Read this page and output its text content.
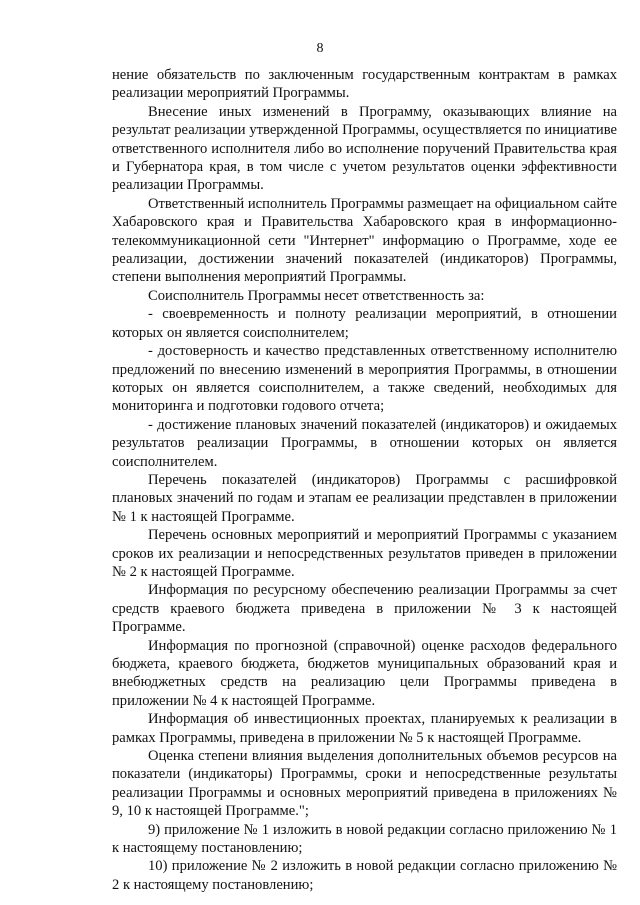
8

нение обязательств по заключенным государственным контрактам в рамках реализации мероприятий Программы.

Внесение иных изменений в Программу, оказывающих влияние на результат реализации утвержденной Программы, осуществляется по инициативе ответственного исполнителя либо во исполнение поручений Правительства края и Губернатора края, в том числе с учетом результатов оценки эффективности реализации Программы.

Ответственный исполнитель Программы размещает на официальном сайте Хабаровского края и Правительства Хабаровского края в информационно-телекоммуникационной сети "Интернет" информацию о Программе, ходе ее реализации, достижении значений показателей (индикаторов) Программы, степени выполнения мероприятий Программы.

Соисполнитель Программы несет ответственность за:

- своевременность и полноту реализации мероприятий, в отношении которых он является соисполнителем;

- достоверность и качество представленных ответственному исполнителю предложений по внесению изменений в мероприятия Программы, в отношении которых он является соисполнителем, а также сведений, необходимых для мониторинга и подготовки годового отчета;

- достижение плановых значений показателей (индикаторов) и ожидаемых результатов реализации Программы, в отношении которых он является соисполнителем.

Перечень показателей (индикаторов) Программы с расшифровкой плановых значений по годам и этапам ее реализации представлен в приложении № 1 к настоящей Программе.

Перечень основных мероприятий и мероприятий Программы с указанием сроков их реализации и непосредственных результатов приведен в приложении № 2 к настоящей Программе.

Информация по ресурсному обеспечению реализации Программы за счет средств краевого бюджета приведена в приложении № 3 к настоящей Программе.

Информация по прогнозной (справочной) оценке расходов федерального бюджета, краевого бюджета, бюджетов муниципальных образований края и внебюджетных средств на реализацию цели Программы приведена в приложении № 4 к настоящей Программе.

Информация об инвестиционных проектах, планируемых к реализации в рамках Программы, приведена в приложении № 5 к настоящей Программе.

Оценка степени влияния выделения дополнительных объемов ресурсов на показатели (индикаторы) Программы, сроки и непосредственные результаты реализации Программы и основных мероприятий приведена в приложениях № 9, 10 к настоящей Программе.";

9) приложение № 1 изложить в новой редакции согласно приложению № 1 к настоящему постановлению;

10) приложение № 2 изложить в новой редакции согласно приложению № 2 к настоящему постановлению;
